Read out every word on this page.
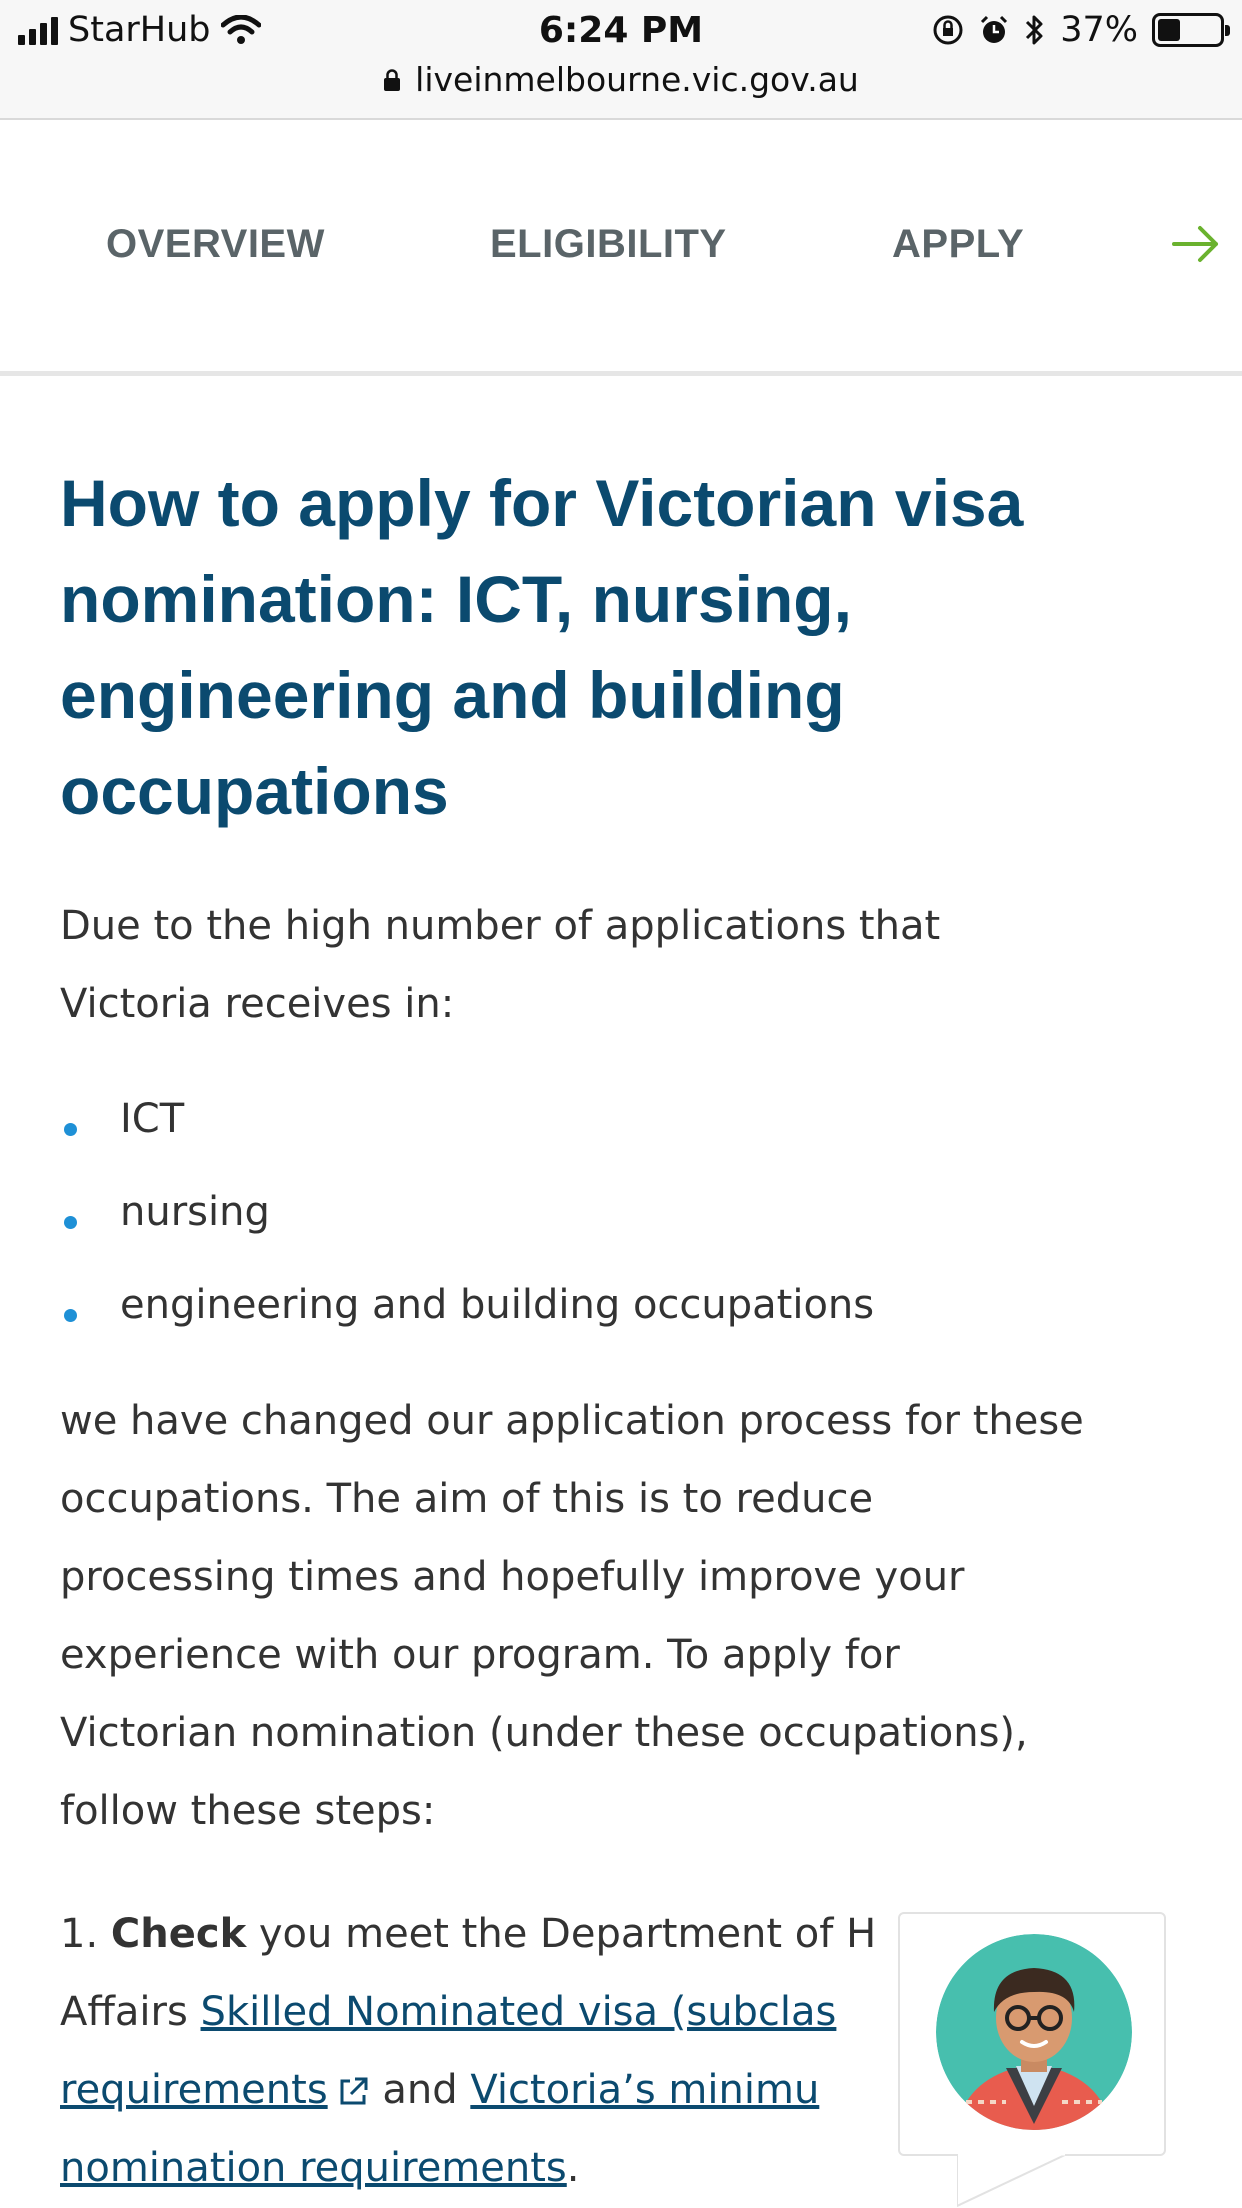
StarHub	6:24 PM	37%
liveinmelbourne.vic.gov.au
OVERVIEW	ELIGIBILITY	APPLY
How to apply for Victorian visa
nomination: ICT, nursing,
engineering and building
occupations

Due to the high number of applications that
Victoria receives in:

ICT
nursing
engineering and building occupations

we have changed our application process for these
occupations. The aim of this is to reduce
processing times and hopefully improve your
experience with our program. To apply for
Victorian nomination (under these occupations),
follow these steps:

1. Check you meet the Department of H
Affairs Skilled Nominated visa (subclas
requirements and Victoria’s minimu
nomination requirements.
